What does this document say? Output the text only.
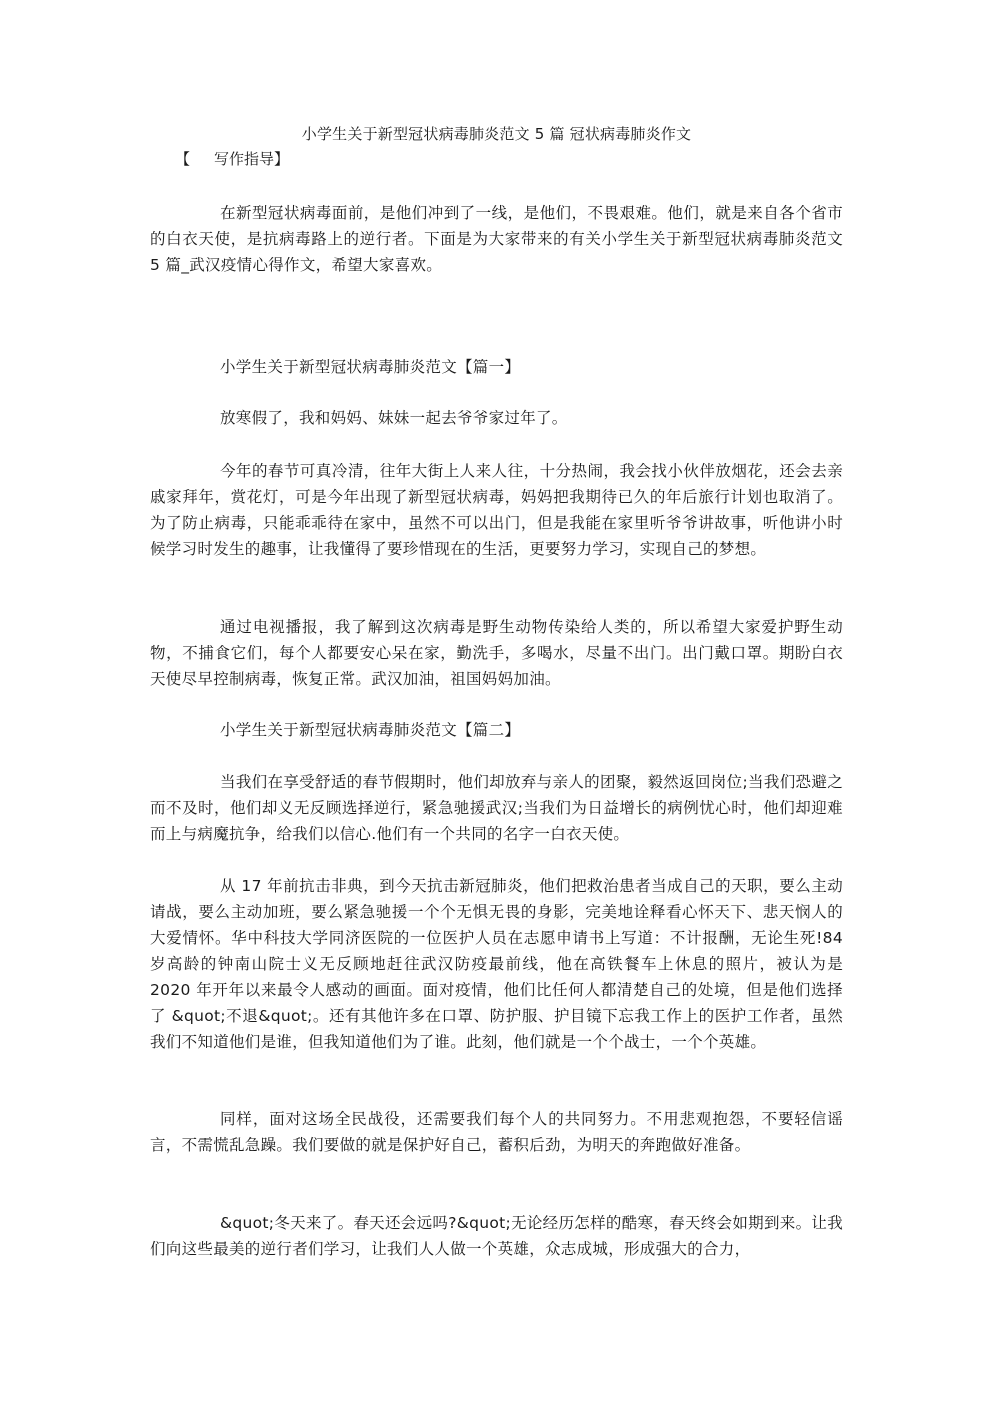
小学生关于新型冠状病毒肺炎范文 5 篇 冠状病毒肺炎作文
【 写作指导】

在新型冠状病毒面前，是他们冲到了一线，是他们，不畏艰难。他们，就是来自各个省市的白衣天使，是抗病毒路上的逆行者。下面是为大家带来的有关小学生关于新型冠状病毒肺炎范文 5 篇_武汉疫情心得作文，希望大家喜欢。

小学生关于新型冠状病毒肺炎范文【篇一】

放寒假了，我和妈妈、妹妹一起去爷爷家过年了。

今年的春节可真冷清，往年大街上人来人往，十分热闹，我会找小伙伴放烟花，还会去亲戚家拜年，赏花灯，可是今年出现了新型冠状病毒，妈妈把我期待已久的年后旅行计划也取消了。为了防止病毒，只能乖乖待在家中，虽然不可以出门，但是我能在家里听爷爷讲故事，听他讲小时候学习时发生的趣事，让我懂得了要珍惜现在的生活，更要努力学习，实现自己的梦想。

通过电视播报，我了解到这次病毒是野生动物传染给人类的，所以希望大家爱护野生动物，不捕食它们，每个人都要安心呆在家，勤洗手，多喝水，尽量不出门。出门戴口罩。期盼白衣天使尽早控制病毒，恢复正常。武汉加油，祖国妈妈加油。

小学生关于新型冠状病毒肺炎范文【篇二】

当我们在享受舒适的春节假期时，他们却放弃与亲人的团聚，毅然返回岗位;当我们恐避之而不及时，他们却义无反顾选择逆行，紧急驰援武汉;当我们为日益增长的病例忧心时，他们却迎难而上与病魔抗争，给我们以信心.他们有一个共同的名字一白衣天使。

从 17 年前抗击非典，到今天抗击新冠肺炎，他们把救治患者当成自己的天职，要么主动请战，要么主动加班，要么紧急驰援一个个无惧无畏的身影，完美地诠释看心怀天下、悲天悯人的大爱情怀。华中科技大学同济医院的一位医护人员在志愿申请书上写道：不计报酬，无论生死!84 岁高龄的钟南山院士义无反顾地赶往武汉防疫最前线，他在高铁餐车上休息的照片，被认为是 2020 年开年以来最令人感动的画面。面对疫情，他们比任何人都清楚自己的处境，但是他们选择了 &quot;不退&quot;。还有其他许多在口罩、防护服、护目镜下忘我工作上的医护工作者，虽然我们不知道他们是谁，但我知道他们为了谁。此刻，他们就是一个个战士，一个个英雄。

同样，面对这场全民战役，还需要我们每个人的共同努力。不用悲观抱怨，不要轻信谣言，不需慌乱急躁。我们要做的就是保护好自己，蓄积后劲，为明天的奔跑做好准备。

&quot;冬天来了。春天还会远吗?&quot;无论经历怎样的酷寒，春天终会如期到来。让我们向这些最美的逆行者们学习，让我们人人做一个英雄，众志成城，形成强大的合力，
